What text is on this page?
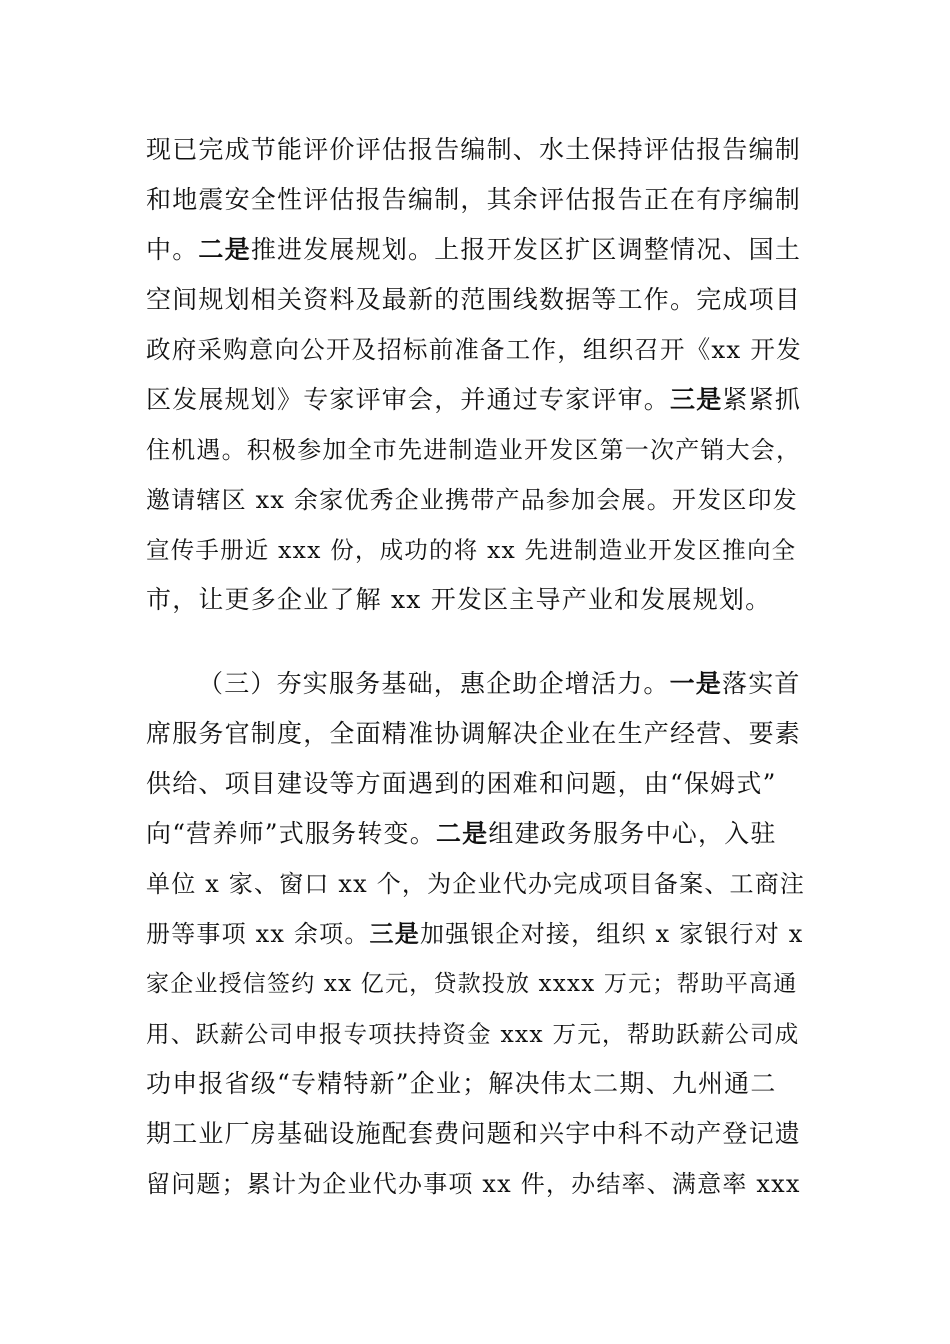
现已完成节能评价评估报告编制、水土保持评估报告编制
和地震安全性评估报告编制，其余评估报告正在有序编制
中。二是推进发展规划。上报开发区扩区调整情况、国土
空间规划相关资料及最新的范围线数据等工作。完成项目
政府采购意向公开及招标前准备工作，组织召开《xx 开发
区发展规划》专家评审会，并通过专家评审。三是紧紧抓
住机遇。积极参加全市先进制造业开发区第一次产销大会，
邀请辖区 xx 余家优秀企业携带产品参加会展。开发区印发
宣传手册近 xxx 份，成功的将 xx 先进制造业开发区推向全
市，让更多企业了解 xx 开发区主导产业和发展规划。
（三）夯实服务基础，惠企助企增活力。一是落实首
席服务官制度，全面精准协调解决企业在生产经营、要素
供给、项目建设等方面遇到的困难和问题，由“保姆式”
向“营养师”式服务转变。二是组建政务服务中心，入驻
单位 x 家、窗口 xx 个，为企业代办完成项目备案、工商注
册等事项 xx 余项。三是加强银企对接，组织 x 家银行对 x
家企业授信签约 xx 亿元，贷款投放 xxxx 万元；帮助平高通
用、跃薪公司申报专项扶持资金 xxx 万元，帮助跃薪公司成
功申报省级“专精特新”企业；解决伟太二期、九州通二
期工业厂房基础设施配套费问题和兴宇中科不动产登记遗
留问题；累计为企业代办事项 xx 件，办结率、满意率 xxx
